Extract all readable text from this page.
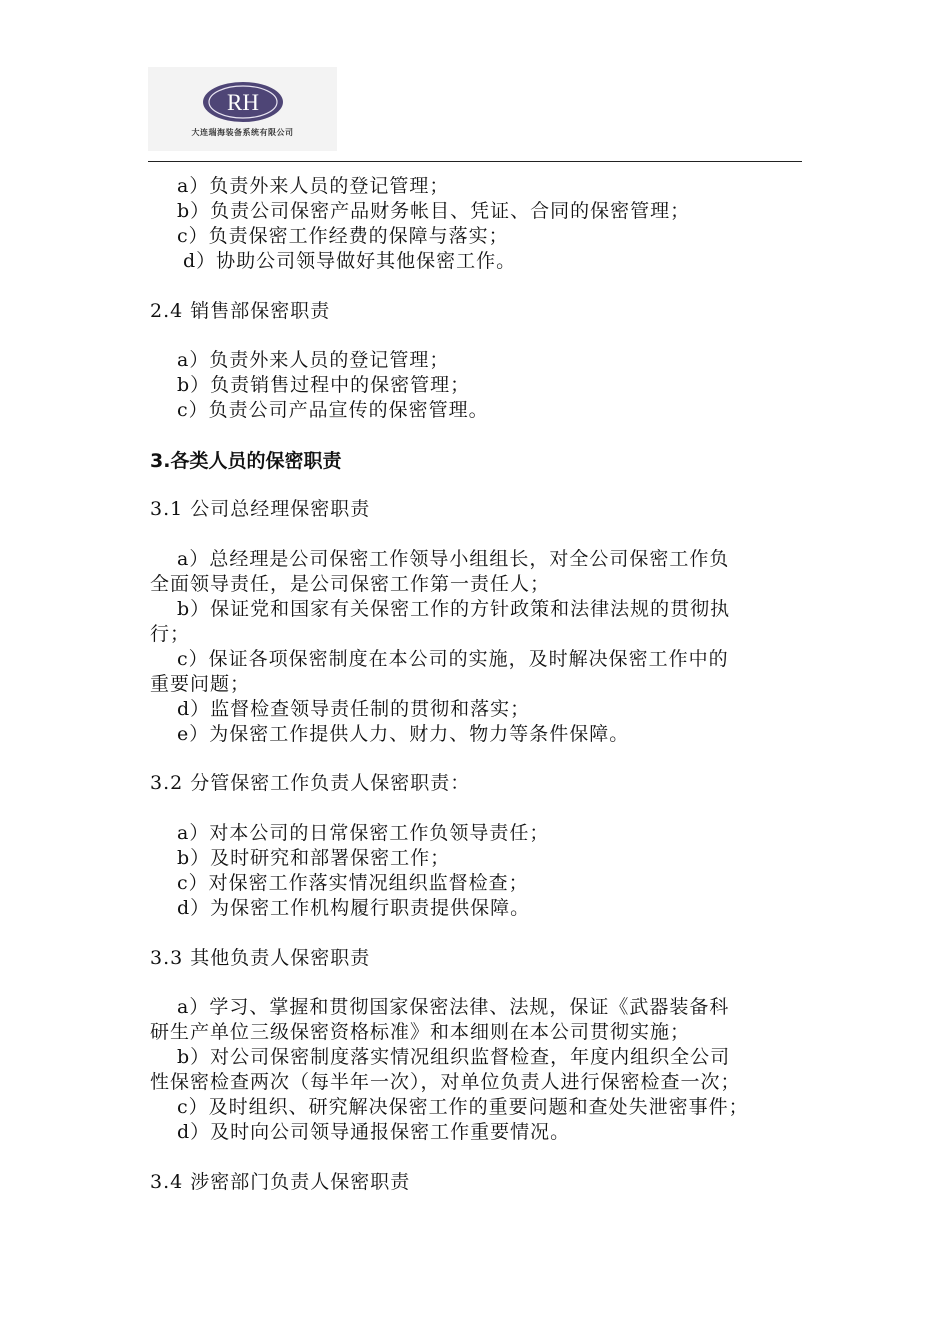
RH
大连瑞海装备系统有限公司
a）负责外来人员的登记管理；
b）负责公司保密产品财务帐目、凭证、合同的保密管理；
c）负责保密工作经费的保障与落实；
d）协助公司领导做好其他保密工作。
2.4 销售部保密职责
a）负责外来人员的登记管理；
b）负责销售过程中的保密管理；
c）负责公司产品宣传的保密管理。
3.各类人员的保密职责
3.1 公司总经理保密职责
a）总经理是公司保密工作领导小组组长，对全公司保密工作负
全面领导责任，是公司保密工作第一责任人；
b）保证党和国家有关保密工作的方针政策和法律法规的贯彻执
行；
c）保证各项保密制度在本公司的实施，及时解决保密工作中的
重要问题；
d）监督检查领导责任制的贯彻和落实；
e）为保密工作提供人力、财力、物力等条件保障。
3.2 分管保密工作负责人保密职责：
a）对本公司的日常保密工作负领导责任；
b）及时研究和部署保密工作；
c）对保密工作落实情况组织监督检查；
d）为保密工作机构履行职责提供保障。
3.3 其他负责人保密职责
a）学习、掌握和贯彻国家保密法律、法规，保证《武器装备科
研生产单位三级保密资格标准》和本细则在本公司贯彻实施；
b）对公司保密制度落实情况组织监督检查，年度内组织全公司
性保密检查两次（每半年一次），对单位负责人进行保密检查一次；
c）及时组织、研究解决保密工作的重要问题和查处失泄密事件；
d）及时向公司领导通报保密工作重要情况。
3.4 涉密部门负责人保密职责
